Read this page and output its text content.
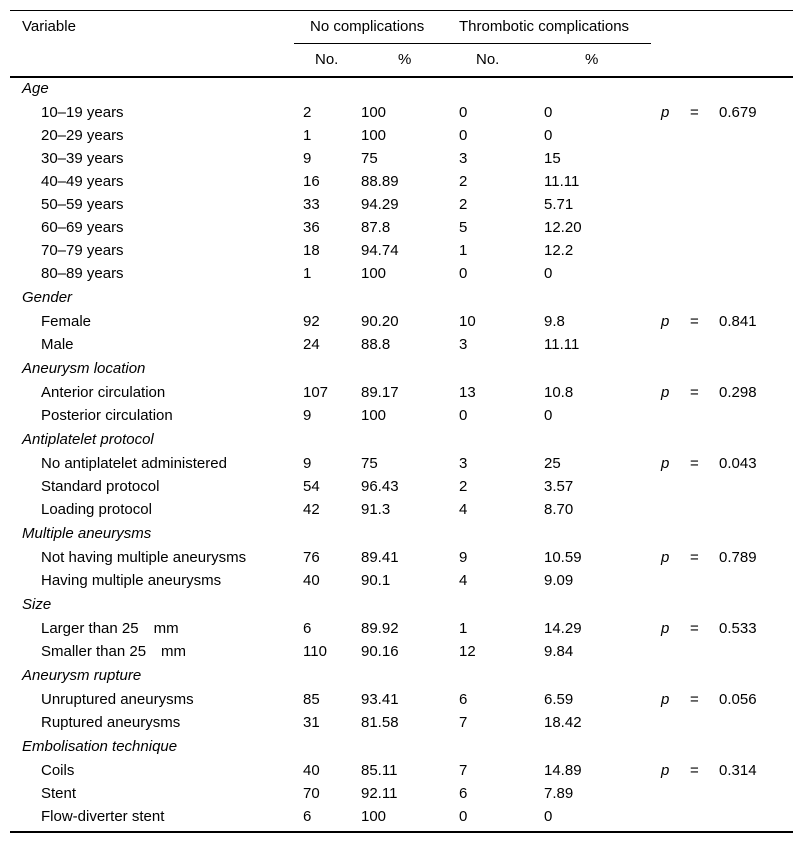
Variable	No complications Thrombotic complications
No.	%	No.	%
Age
10–19 years	2	100	0	0	p = 0.679
20–29 years	1	100	0	0
30–39 years	9	75	3	15
40–49 years	16	88.89	2	11.11
50–59 years	33	94.29	2	5.71
60–69 years	36	87.8	5	12.20
70–79 years	18	94.74	1	12.2
80–89 years	1	100	0	0
Gender
Female	92	90.20	10	9.8	p = 0.841
Male	24	88.8	3	11.11
Aneurysm location
Anterior circulation	107 89.17	13	10.8	p = 0.298
Posterior circulation	9	100	0	0
Antiplatelet protocol
No antiplatelet administered	9	75	3	25	p = 0.043
Standard protocol	54	96.43	2	3.57
Loading protocol	42	91.3	4	8.70
Multiple aneurysms
Not having multiple aneurysms	76	89.41	9	10.59	p = 0.789
Having multiple aneurysms	40	90.1	4	9.09
Size
Larger than 25 mm	6	89.92	1	14.29	p = 0.533
Smaller than 25 mm	110 90.16	12	9.84
Aneurysm rupture
Unruptured aneurysms	85	93.41	6	6.59	p = 0.056
Ruptured aneurysms	31	81.58	7	18.42
Embolisation technique
Coils	40	85.11	7	14.89	p = 0.314
Stent	70	92.11	6	7.89
Flow-diverter stent	6	100	0	0
